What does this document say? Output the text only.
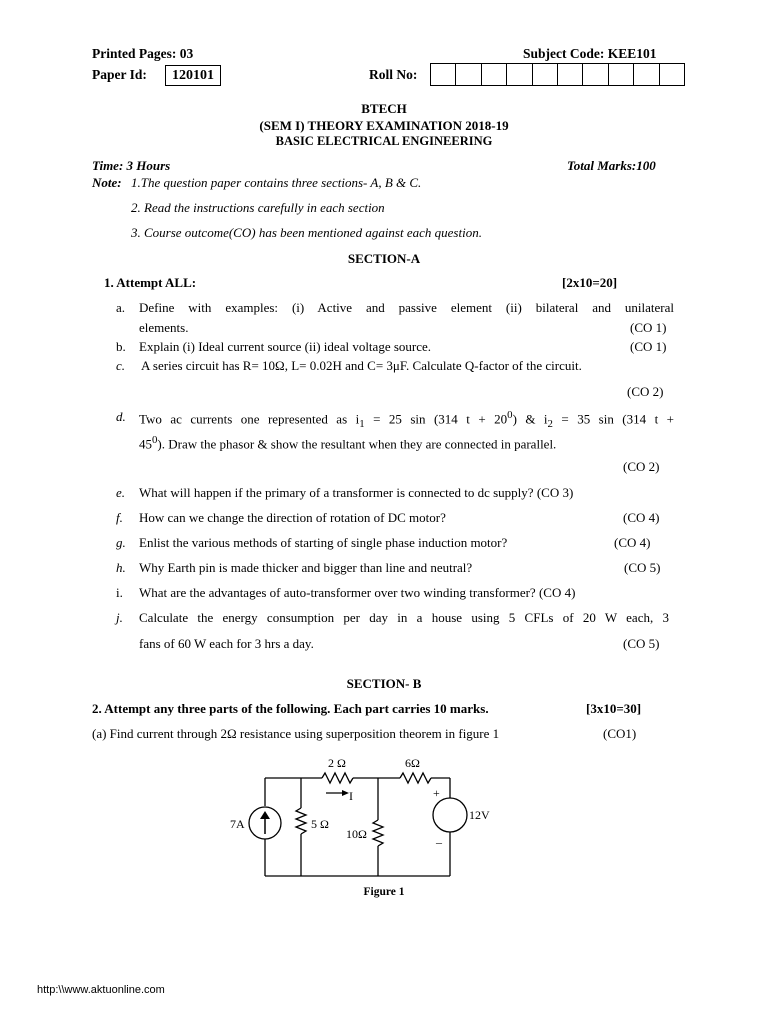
Printed Pages: 03	Subject Code: KEE101
Paper Id:	120101	Roll No:
BTECH
(SEM I) THEORY EXAMINATION 2018-19
BASIC ELECTRICAL ENGINEERING
Time: 3 Hours	Total Marks:100
Note: 1.The question paper contains three sections- A, B & C.
2. Read the instructions carefully in each section
3. Course outcome(CO) has been mentioned against each question.
SECTION-A
1. Attempt ALL:	[2x10=20]
a. Define with examples: (i) Active and passive element (ii) bilateral and unilateral
elements.	(CO 1)
b. Explain (i) Ideal current source (ii) ideal voltage source.	(CO 1)
c. A series circuit has R= 10Ω, L= 0.02H and C= 3μF. Calculate Q-factor of the circuit.
(CO 2)
d. Two ac currents one represented as $i_1 = 25$ sin (314 $t + 20^0$) & $i_2 = 35$ sin (314 t +
$45^0$). Draw the phasor & show the resultant when they are connected in parallel.
(CO 2)
e. What will happen if the primary of a transformer is connected to dc supply? (CO 3)
f. How can we change the direction of rotation of DC motor?	(CO 4)
g. Enlist the various methods of starting of single phase induction motor?	(CO 4)
h. Why Earth pin is made thicker and bigger than line and neutral?	(CO 5)
i. What are the advantages of auto-transformer over two winding transformer? (CO 4)
j. Calculate the energy consumption per day in a house using 5 CFLs of 20 W each, 3
fans of 60 W each for 3 hrs a day.	(CO 5)
SECTION- B
2. Attempt any three parts of the following. Each part carries 10 marks.	[3x10=30]
(a) Find current through 2Ω resistance using superposition theorem in figure 1	(CO1)
2 Ω	6Ω
I
7A	5 Ω
10Ω
12V
+
–
Figure 1
http:\\www.aktuonline.com
